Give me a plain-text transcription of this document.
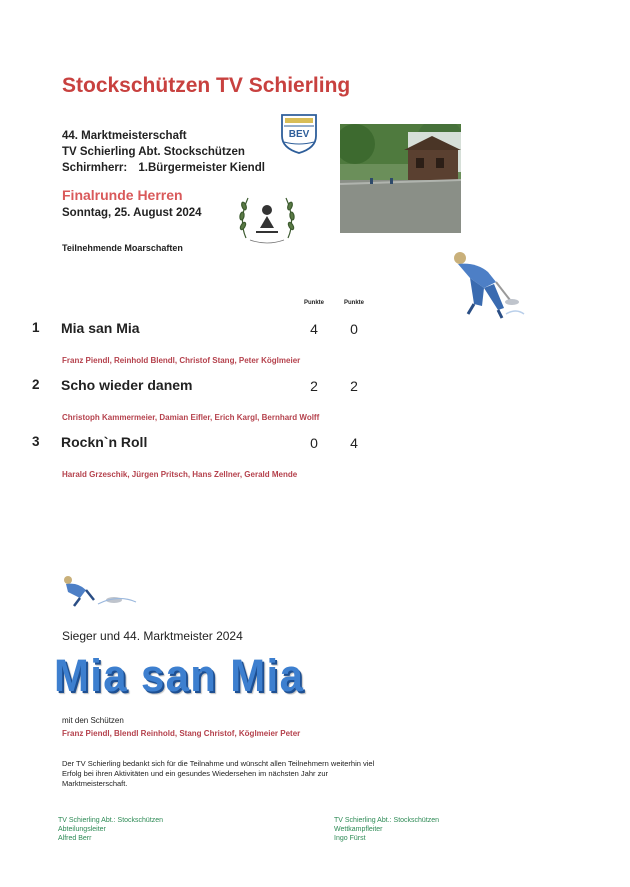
Stockschützen TV Schierling
44. Marktmeisterschaft
TV Schierling Abt. Stockschützen
Schirmherr: 1.Bürgermeister Kiendl
Finalrunde Herren
Sonntag, 25. August 2024
Teilnehmende Moarschaften
BEV
Punkte	Punkte
1 Mia san Mia	4	0
Franz Piendl, Reinhold Blendl, Christof Stang, Peter Köglmeier
2 Scho wieder danem	2	2
Christoph Kammermeier, Damian Eifler, Erich Kargl, Bernhard Wolff
3 Rockn`n Roll	0	4
Harald Grzeschik, Jürgen Pritsch, Hans Zellner, Gerald Mende
Sieger und 44. Marktmeister 2024
Mia san Mia
mit den Schützen
Franz Piendl, Blendl Reinhold, Stang Christof, Köglmeier Peter
Der TV Schierling bedankt sich für die Teilnahme und wünscht allen Teilnehmern weiterhin viel Erfolg bei ihren Aktivitäten und ein gesundes Wiedersehen im nächsten Jahr zur Marktmeisterschaft.
TV Schierling Abt.: Stockschützen
Abteilungsleiter
Alfred Berr
TV Schierling Abt.: Stockschützen
Wettkampfleiter
Ingo Fürst
